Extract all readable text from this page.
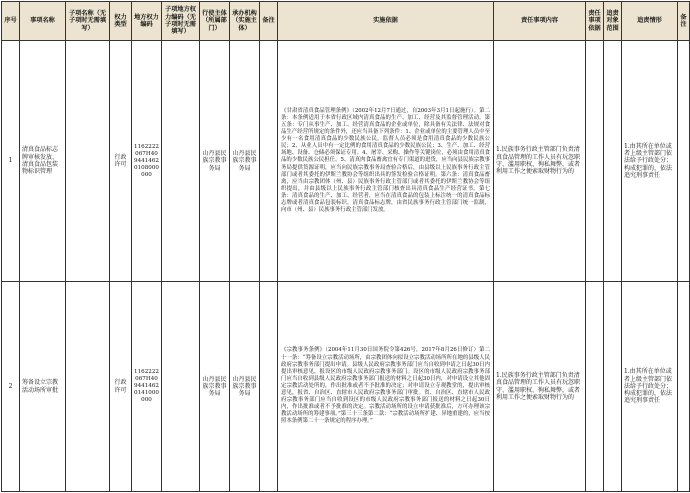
序号	事项名称	子项名称（无子项时无需填写）	权力类型	地方权力编码	子项地方权力编码（无子项时无需填写）	行使主体（所属部门）	承办机构（实施主体）	备注	实施依据	责任事项内容	责任事项依据	追责对象范围	追责情形	备注
1	清真食品标志牌审核发放、清真食品包装物标识管理		行政许可	1162222067H4094414620108000000		山丹县民族宗教事务局	山丹县民族宗教事务局		《甘肃省清真食品管理条例》（2002年12月7日通过，自2003年3月1日起施行）。第二条：本条例适用于本省行政区域内清真食品的生产、加工、经营及其监督管理活动。第五条：专门从事生产、加工、经营清真食品的企业或单位，除具备有关法律、法规对食品生产经营所规定的条件外，还应当具备下列条件：1、企业或单位的主要管理人员中至少有一名食用清真食品的少数民族公民，监督人员必须是食用清真食品的少数民族公民；2、从业人员中有一定比例的食用清真食品的少数民族公民；3、生产、加工、经营场地、设备、仓储必须保证专用。4、屠宰、采购、操作等关键岗位，必须由食用清真食品的少数民族公民担任。5、清真肉食品畜禽宜有专门渠道的进货，应当向县民族宗教事务局提供货源证明，应当向民族宗教事务局查验合格后，由县级以上民族事务行政主管部门或者其委托的伊斯兰教协会等组织出具的签发检验合格证明。第六条：清真食品畜禽，应当由宗教团体（州、县）民族事务行政主管部门或者其委托的伊斯兰教协会等组织提出，并由县级以上民族事务行政主管部门核查出具清真食品生产经营证书。第七条：清真食品的生产、加工、经营者，应当在清真食品的包装上标注统一的清真食品标志牌或者清真食品包装标识。清真食品标志牌，由省民族事务行政主管部门统一监制，向市（州、县）民族事务行政主管部门发放。	1.民族事务行政主管部门负责清真食品管理的工作人员有玩忽职守、滥用职权、徇私舞弊，或者利用工作之便索取财物行为的			1.由其所在单位或者上级主管部门依法给予行政处分；构成犯罪的，依法追究刑事责任	
2	筹备设立宗教活动场所审批		行政许可	1162222067H4094414620141000000		山丹县民族宗教事务局	山丹县民族宗教事务局		《宗教事务条例》（2004年11月30日国务院令第426号，2017年8月26日修订）第二十一条：“筹备设立宗教活动场所，由宗教团体向拟设立宗教活动场所所在地的县级人民政府宗教事务部门提出申请。县级人民政府宗教事务部门应当自收到申请之日起30日内提出审核意见，报设区的市级人民政府宗教事务部门。设区的市级人民政府宗教事务部门应当自收到县级人民政府宗教事务部门报送的材料之日起30日内，对申请设立其他固定宗教活动处所的，作出批准或者不予批准的决定；对申请设立寺观教堂的，提出审核意见，报省、自治区、直辖市人民政府宗教事务部门审批。省、自治区、直辖市人民政府宗教事务部门应当自收到设区的市级人民政府宗教事务部门报送的材料之日起30日内，作出批准或者不予批准的决定。宗教活动场所的设立申请获批准后，方可办理该宗教活动场所的筹建事项。”第三十三条第二款：“宗教活动场所扩建、异地重建的，应当按照本条例第二十一条规定的程序办理。”	1.民族事务行政主管部门负责清真食品管理的工作人员有玩忽职守、滥用职权、徇私舞弊，或者利用工作之便索取财物行为的			1.由其所在单位或者上级主管部门依法给予行政处分；构成犯罪的，依法追究刑事责任	
